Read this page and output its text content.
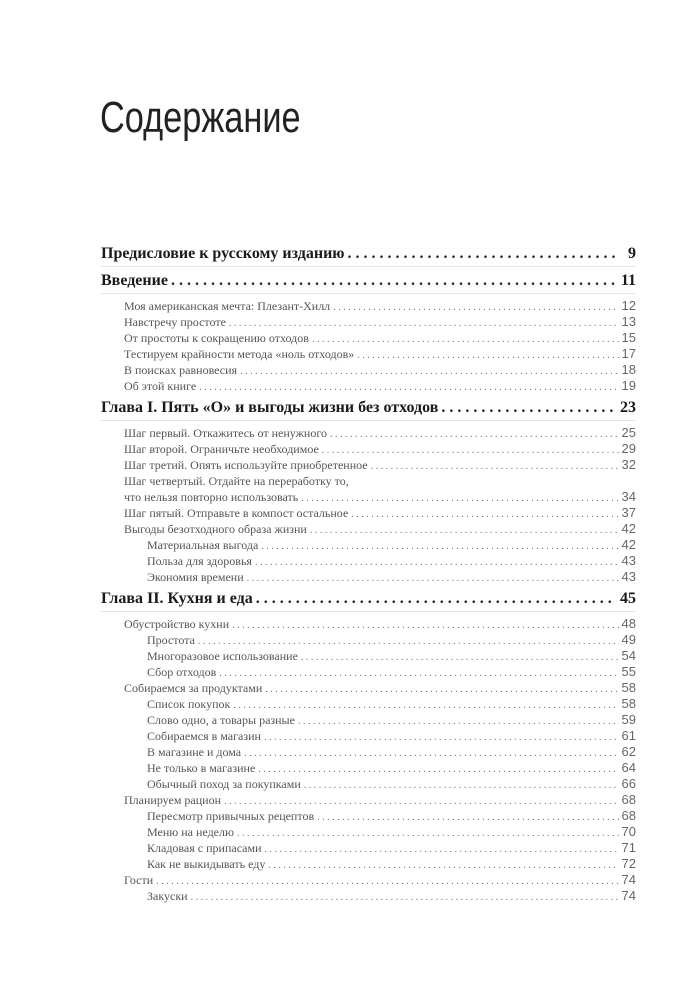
Содержание
Предисловие к русскому изданию . . .	9
Введение . . .	11
Моя американская мечта: Плезант-Хилл . . .	12
Навстречу простоте . . .	13
От простоты к сокращению отходов . . .	15
Тестируем крайности метода «ноль отходов» . . .	17
В поисках равновесия . . .	18
Об этой книге . . .	19
Глава I. Пять «О» и выгоды жизни без отходов . . .	23
Шаг первый. Откажитесь от ненужного . . .	25
Шаг второй. Ограничьте необходимое . . .	29
Шаг третий. Опять используйте приобретенное . . .	32
Шаг четвертый. Отдайте на переработку то,
что нельзя повторно использовать . . .	34
Шаг пятый. Отправьте в компост остальное . . .	37
Выгоды безотходного образа жизни . . .	42
Материальная выгода . . .	42
Польза для здоровья . . .	43
Экономия времени . . .	43
Глава II. Кухня и еда . . .	45
Обустройство кухни . . .	48
Простота . . .	49
Многоразовое использование . . .	54
Сбор отходов . . .	55
Собираемся за продуктами . . .	58
Список покупок . . .	58
Слово одно, а товары разные . . .	59
Собираемся в магазин . . .	61
В магазине и дома . . .	62
Не только в магазине . . .	64
Обычный поход за покупками . . .	66
Планируем рацион . . .	68
Пересмотр привычных рецептов . . .	68
Меню на неделю . . .	70
Кладовая с припасами . . .	71
Как не выкидывать еду . . .	72
Гости . . .	74
Закуски . . .	74
